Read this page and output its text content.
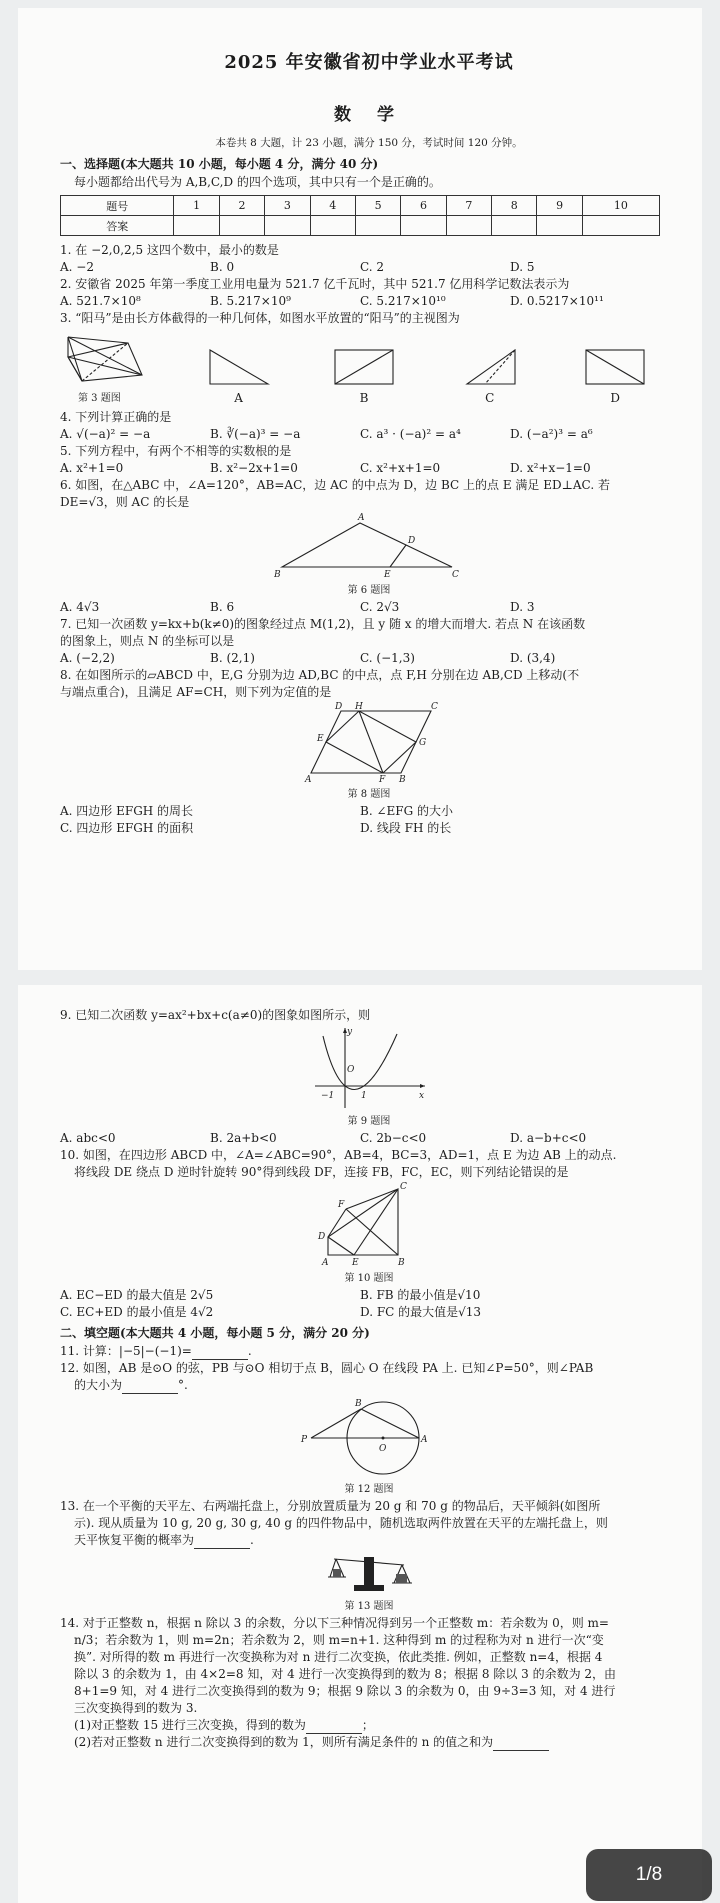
2025 年安徽省初中学业水平考试
数 学
本卷共 8 大题，计 23 小题，满分 150 分，考试时间 120 分钟。
一、选择题(本大题共 10 小题，每小题 4 分，满分 40 分)
每小题都给出代号为 A,B,C,D 的四个选项，其中只有一个是正确的。
题号	1	2	3	4	5	6	7	8	9	10
答案										
1. 在 −2,0,2,5 这四个数中，最小的数是
A. −2	B. 0	C. 2	D. 5
2. 安徽省 2025 年第一季度工业用电量为 521.7 亿千瓦时，其中 521.7 亿用科学记数法表示为
A. 521.7×10⁸	B. 5.217×10⁹	C. 5.217×10¹⁰	D. 0.5217×10¹¹
3. “阳马”是由长方体截得的一种几何体，如图水平放置的“阳马”的主视图为
第 3 题图	A	B	C	D
4. 下列计算正确的是
A. √(−a)² = −a	B. ∛(−a)³ = −a	C. a³ · (−a)² = a⁴	D. (−a²)³ = a⁶
5. 下列方程中，有两个不相等的实数根的是
A. x²+1=0	B. x²−2x+1=0	C. x²+x+1=0	D. x²+x−1=0
6. 如图，在△ABC 中，∠A=120°，AB=AC，边 AC 的中点为 D，边 BC 上的点 E 满足 ED⊥AC. 若
DE=√3，则 AC 的长是
A
B	C
D
E
第 6 题图
A. 4√3	B. 6	C. 2√3	D. 3
7. 已知一次函数 y=kx+b(k≠0)的图象经过点 M(1,2)，且 y 随 x 的增大而增大. 若点 N 在该函数
的图象上，则点 N 的坐标可以是
A. (−2,2)	B. (2,1)	C. (−1,3)	D. (3,4)
8. 在如图所示的▱ABCD 中，E,G 分别为边 AD,BC 的中点，点 F,H 分别在边 AB,CD 上移动(不
与端点重合)，且满足 AF=CH，则下列为定值的是
D H	C
E	G
A	F B
第 8 题图
A. 四边形 EFGH 的周长	B. ∠EFG 的大小
C. 四边形 EFGH 的面积	D. 线段 FH 的长
9. 已知二次函数 y=ax²+bx+c(a≠0)的图象如图所示，则
y
x
O
−1	1
第 9 题图
A. abc<0	B. 2a+b<0	C. 2b−c<0	D. a−b+c<0
10. 如图，在四边形 ABCD 中，∠A=∠ABC=90°，AB=4，BC=3，AD=1，点 E 为边 AB 上的动点.
将线段 DE 绕点 D 逆时针旋转 90°得到线段 DF，连接 FB，FC，EC，则下列结论错误的是
C
F
D
A	E	B
第 10 题图
A. EC−ED 的最大值是 2√5	B. FB 的最小值是√10
C. EC+ED 的最小值是 4√2	D. FC 的最大值是√13
二、填空题(本大题共 4 小题，每小题 5 分，满分 20 分)
11. 计算：|−5|−(−1)=	.
12. 如图，AB 是⊙O 的弦，PB 与⊙O 相切于点 B，圆心 O 在线段 PA 上. 已知∠P=50°，则∠PAB
的大小为	°.
P
B
A
O
第 12 题图
13. 在一个平衡的天平左、右两端托盘上，分别放置质量为 20 g 和 70 g 的物品后，天平倾斜(如图所
示). 现从质量为 10 g, 20 g, 30 g, 40 g 的四件物品中，随机选取两件放置在天平的左端托盘上，则
天平恢复平衡的概率为	.
第 13 题图
14. 对于正整数 n，根据 n 除以 3 的余数，分以下三种情况得到另一个正整数 m：若余数为 0，则 m=
n/3；若余数为 1，则 m=2n；若余数为 2，则 m=n+1. 这种得到 m 的过程称为对 n 进行一次“变
换”. 对所得的数 m 再进行一次变换称为对 n 进行二次变换，依此类推. 例如，正整数 n=4，根据 4
除以 3 的余数为 1，由 4×2=8 知，对 4 进行一次变换得到的数为 8；根据 8 除以 3 的余数为 2，由
8+1=9 知，对 4 进行二次变换得到的数为 9；根据 9 除以 3 的余数为 0，由 9÷3=3 知，对 4 进行
三次变换得到的数为 3.
(1)对正整数 15 进行三次变换，得到的数为	；
(2)若对正整数 n 进行二次变换得到的数为 1，则所有满足条件的 n 的值之和为
1/8
